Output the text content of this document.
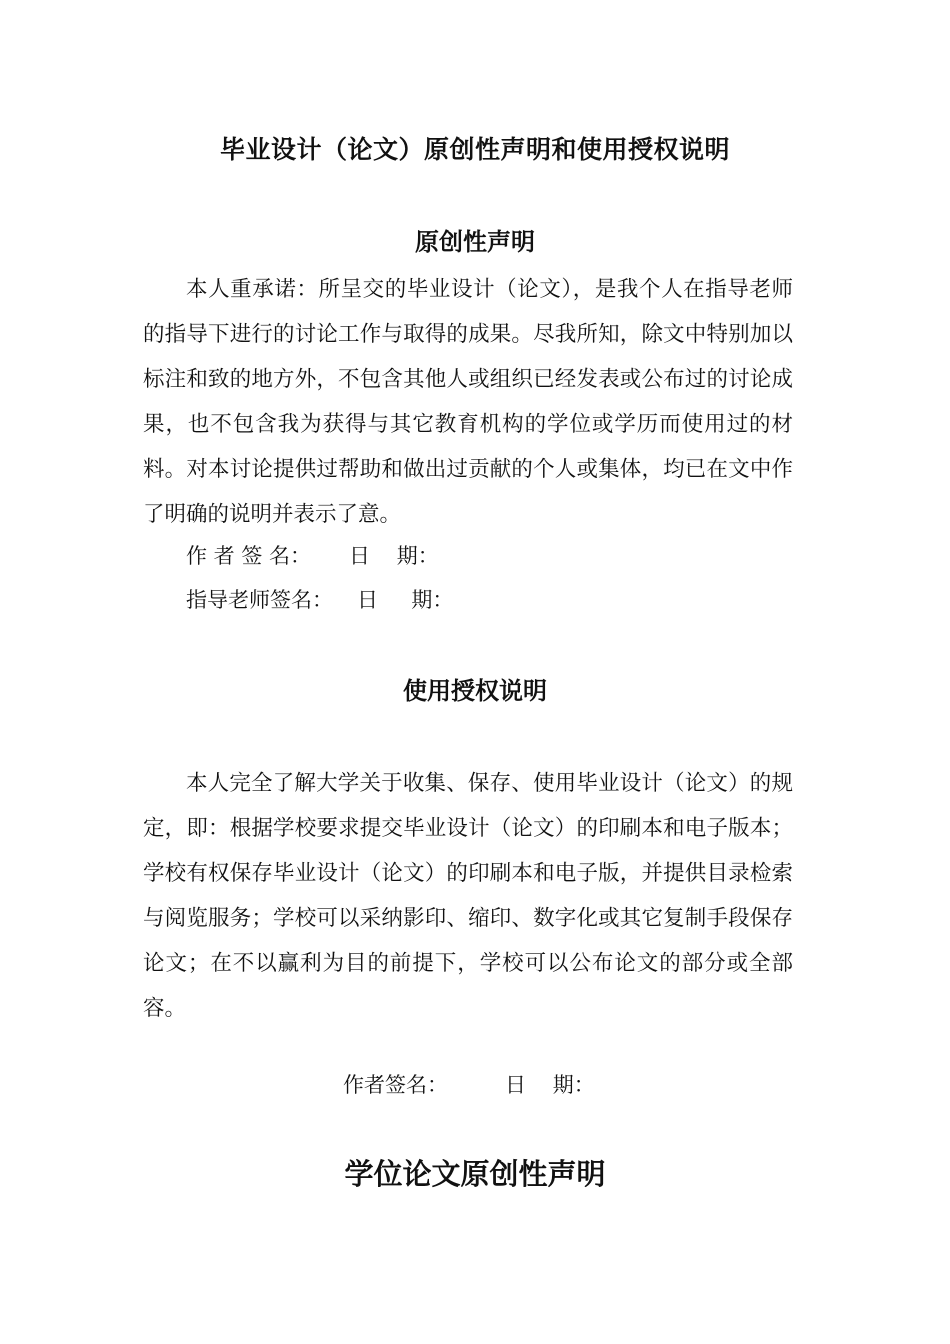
毕业设计（论文）原创性声明和使用授权说明
原创性声明

本人重承诺：所呈交的毕业设计（论文），是我个人在指导老师的指导下进行的讨论工作与取得的成果。尽我所知，除文中特别加以标注和致的地方外，不包含其他人或组织已经发表或公布过的讨论成果，也不包含我为获得与其它教育机构的学位或学历而使用过的材料。对本讨论提供过帮助和做出过贡献的个人或集体，均已在文中作了明确的说明并表示了意。

作 者 签 名： 日    期：
指导老师签名： 日     期：
使用授权说明

本人完全了解大学关于收集、保存、使用毕业设计（论文）的规定，即：根据学校要求提交毕业设计（论文）的印刷本和电子版本；学校有权保存毕业设计（论文）的印刷本和电子版，并提供目录检索与阅览服务；学校可以采纳影印、缩印、数字化或其它复制手段保存论文；在不以赢利为目的前提下，学校可以公布论文的部分或全部容。

作者签名：	日    期：
学位论文原创性声明
